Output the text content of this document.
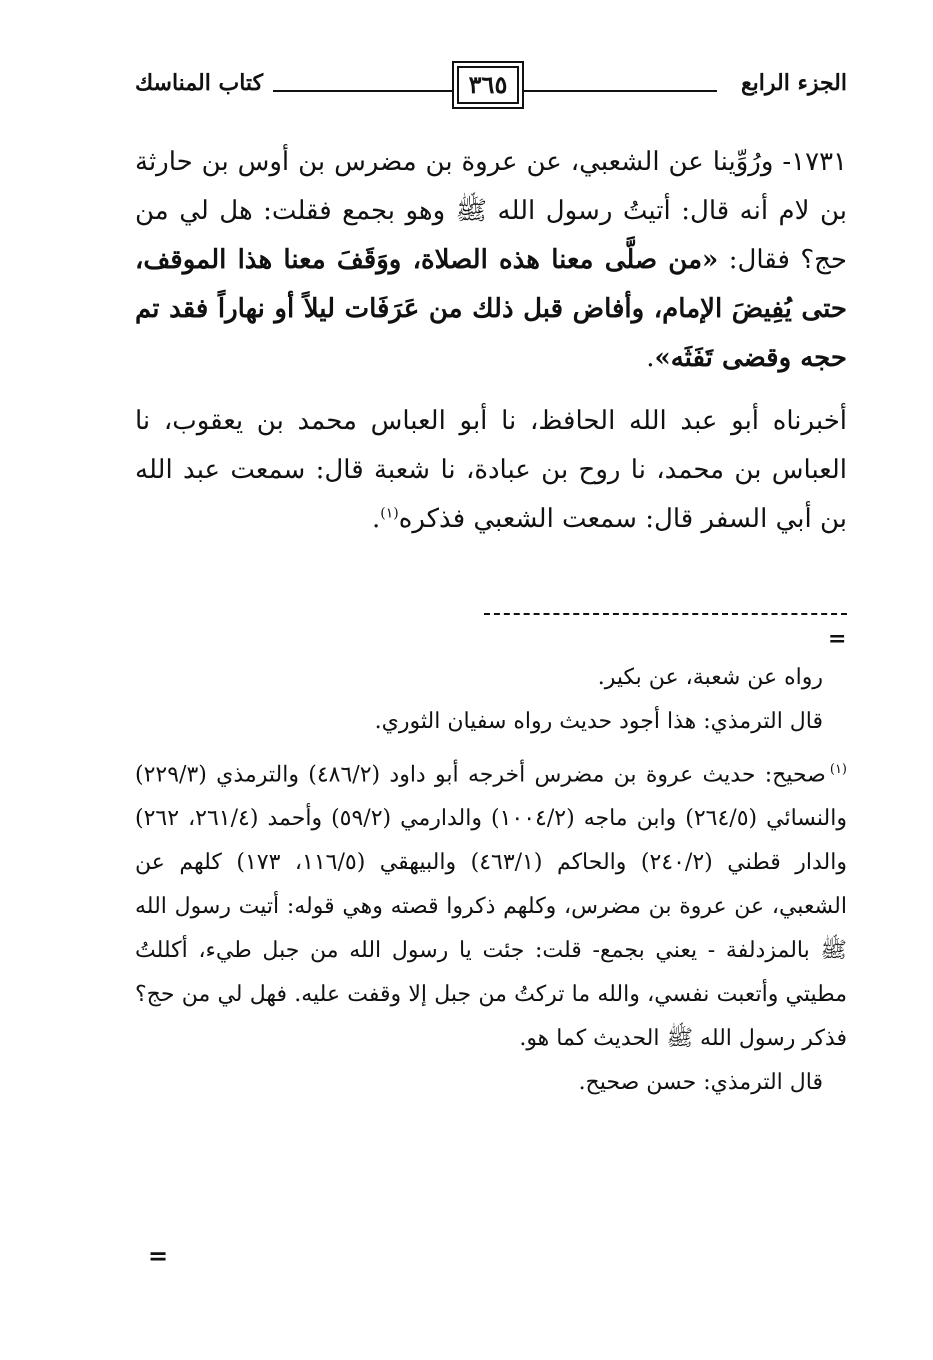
الجزء الرابع
٣٦٥
كتاب المناسك

١٧٣١- ورُوِّينا عن الشعبي، عن عروة بن مضرس بن أوس بن حارثة بن لام أنه قال: أتيتُ رسول الله ﷺ وهو بجمع فقلت: هل لي من حج؟ فقال: «من صلَّى معنا هذه الصلاة، ووَقَفَ معنا هذا الموقف، حتى يُفِيضَ الإمام، وأفاض قبل ذلك من عَرَفَات ليلاً أو نهاراً فقد تم حجه وقضى تَفَثَه».

أخبرناه أبو عبد الله الحافظ، نا أبو العباس محمد بن يعقوب، نا العباس بن محمد، نا روح بن عبادة، نا شعبة قال: سمعت عبد الله بن أبي السفر قال: سمعت الشعبي فذكره$^{(١)}$.

=

رواه عن شعبة، عن بكير.

قال الترمذي: هذا أجود حديث رواه سفيان الثوري.

$^{(١)}$صحيح: حديث عروة بن مضرس أخرجه أبو داود (٤٨٦/٢) والترمذي (٢٢٩/٣) والنسائي (٢٦٤/٥) وابن ماجه (١٠٠٤/٢) والدارمي (٥٩/٢) وأحمد (٢٦١/٤، ٢٦٢) والدار قطني (٢٤٠/٢) والحاكم (٤٦٣/١) والبيهقي (١١٦/٥، ١٧٣) كلهم عن الشعبي، عن عروة بن مضرس، وكلهم ذكروا قصته وهي قوله: أتيت رسول الله ﷺ بالمزدلفة - يعني بجمع- قلت: جئت يا رسول الله من جبل طيء، أكللتُ مطيتي وأتعبت نفسي، والله ما تركتُ من جبل إلا وقفت عليه. فهل لي من حج؟ فذكر رسول الله ﷺ الحديث كما هو.

قال الترمذي: حسن صحيح.

=
